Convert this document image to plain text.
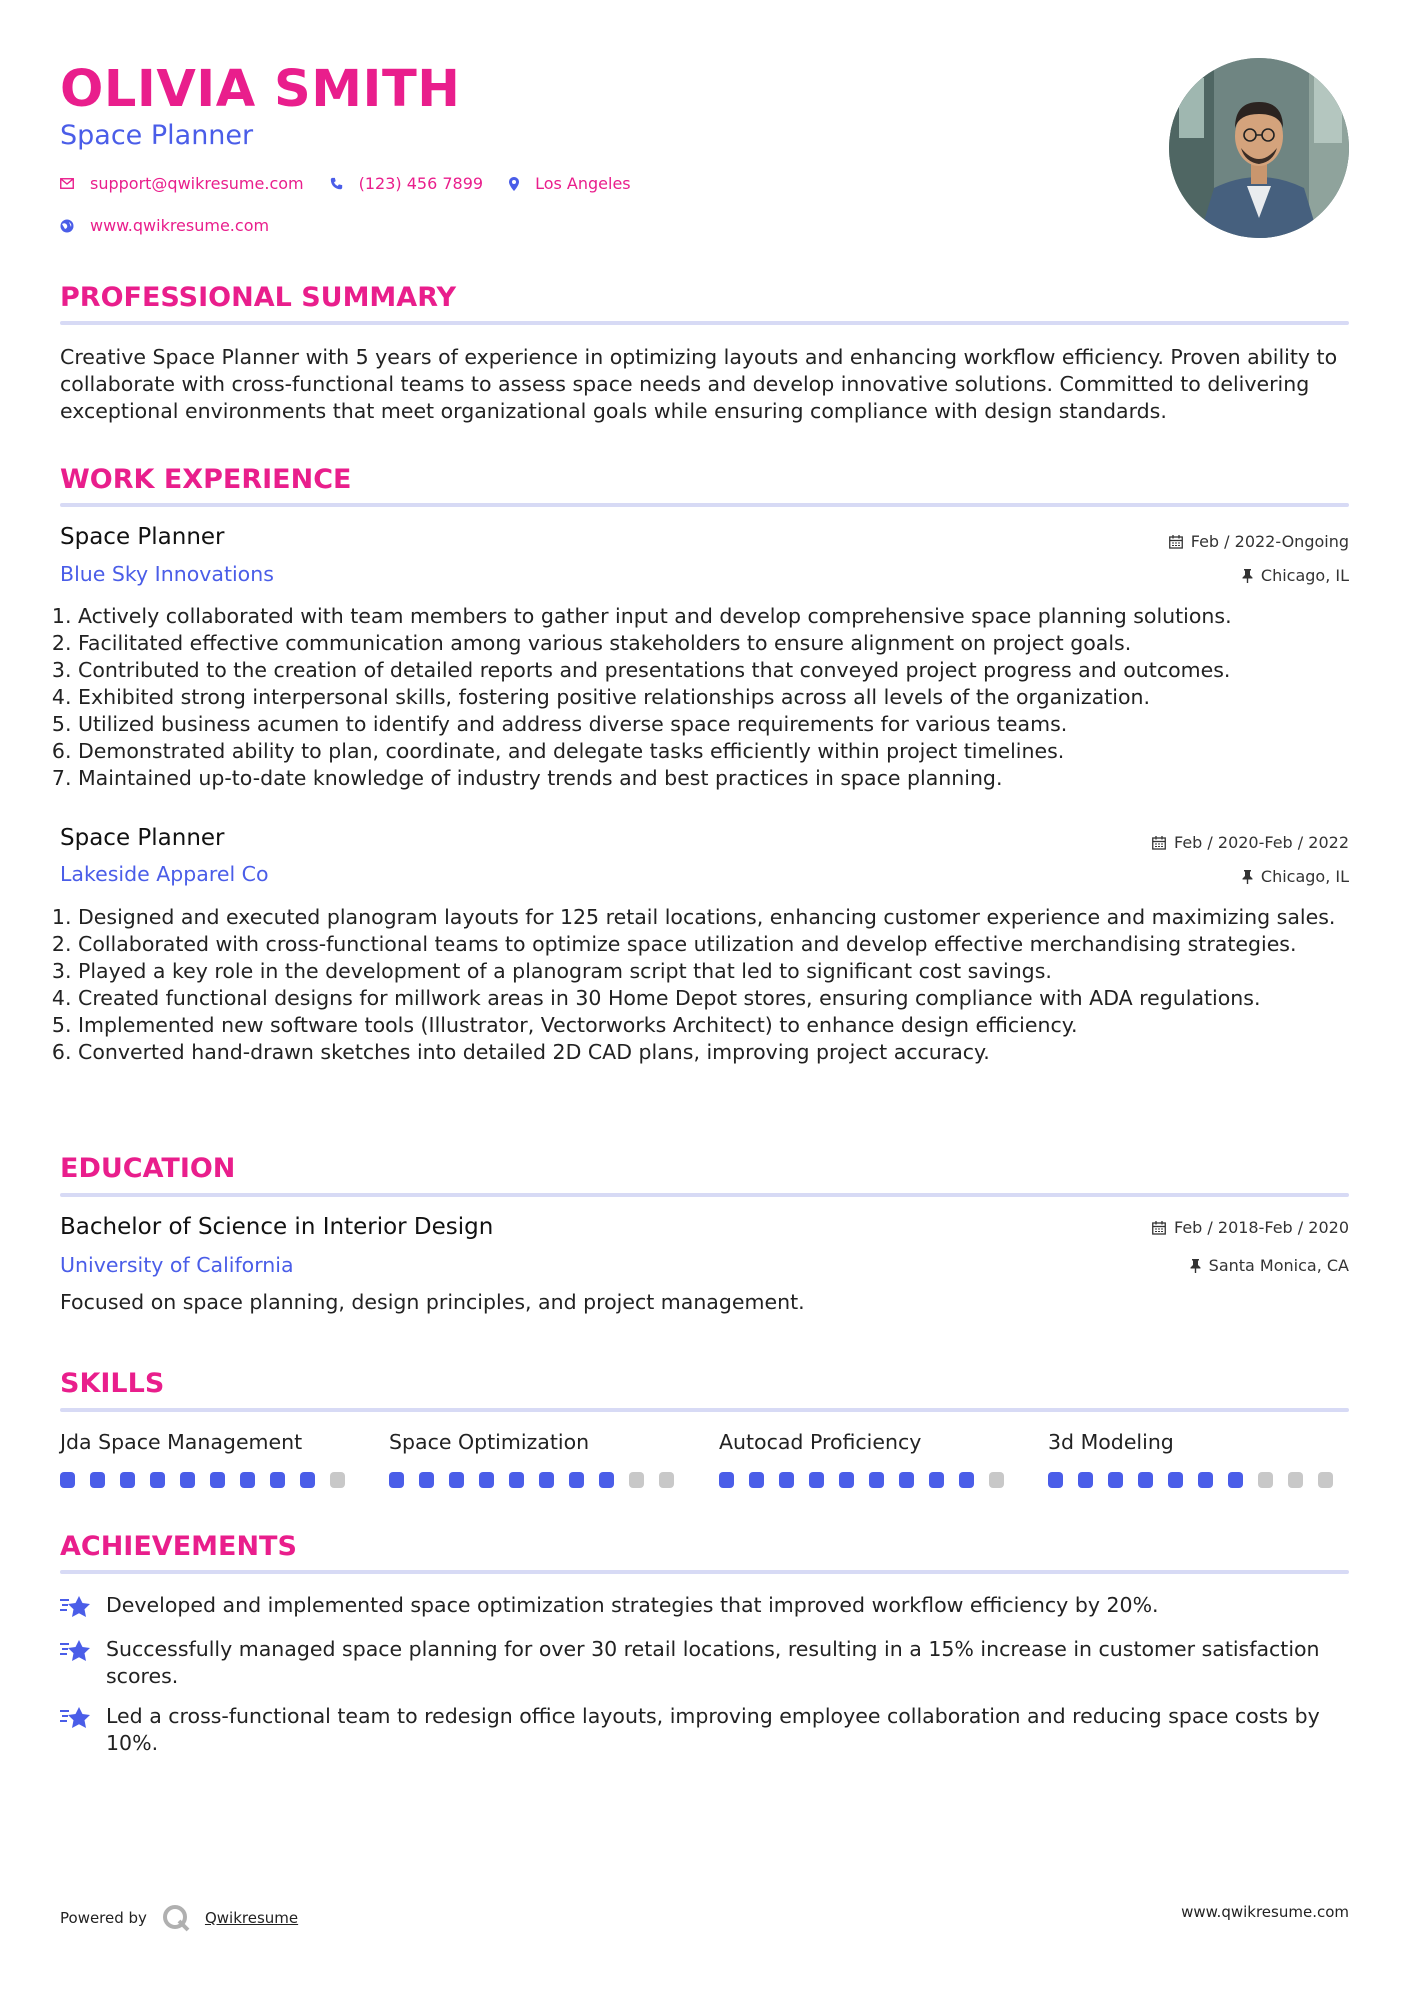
OLIVIA SMITH
Space Planner
support@qwikresume.com	(123) 456 7899	Los Angeles
www.qwikresume.com
PROFESSIONAL SUMMARY

Creative Space Planner with 5 years of experience in optimizing layouts and enhancing workflow efficiency. Proven ability to collaborate with cross-functional teams to assess space needs and develop innovative solutions. Committed to delivering exceptional environments that meet organizational goals while ensuring compliance with design standards.

WORK EXPERIENCE
Space Planner	Feb / 2022-Ongoing
Blue Sky Innovations	Chicago, IL
1. Actively collaborated with team members to gather input and develop comprehensive space planning solutions.
2. Facilitated effective communication among various stakeholders to ensure alignment on project goals.
3. Contributed to the creation of detailed reports and presentations that conveyed project progress and outcomes.
4. Exhibited strong interpersonal skills, fostering positive relationships across all levels of the organization.
5. Utilized business acumen to identify and address diverse space requirements for various teams.
6. Demonstrated ability to plan, coordinate, and delegate tasks efficiently within project timelines.
7. Maintained up-to-date knowledge of industry trends and best practices in space planning.
Space Planner	Feb / 2020-Feb / 2022
Lakeside Apparel Co	Chicago, IL
1. Designed and executed planogram layouts for 125 retail locations, enhancing customer experience and maximizing sales.
2. Collaborated with cross-functional teams to optimize space utilization and develop effective merchandising strategies.
3. Played a key role in the development of a planogram script that led to significant cost savings.
4. Created functional designs for millwork areas in 30 Home Depot stores, ensuring compliance with ADA regulations.
5. Implemented new software tools (Illustrator, Vectorworks Architect) to enhance design efficiency.
6. Converted hand-drawn sketches into detailed 2D CAD plans, improving project accuracy.
EDUCATION
Bachelor of Science in Interior Design	Feb / 2018-Feb / 2020
University of California	Santa Monica, CA

Focused on space planning, design principles, and project management.

SKILLS
Jda Space Management	Space Optimization	Autocad Proficiency	3d Modeling
ACHIEVEMENTS
Developed and implemented space optimization strategies that improved workflow efficiency by 20%.
Successfully managed space planning for over 30 retail locations, resulting in a 15% increase in customer satisfaction scores.
Led a cross-functional team to redesign office layouts, improving employee collaboration and reducing space costs by 10%.
Powered by	Qwikresume	www.qwikresume.com
